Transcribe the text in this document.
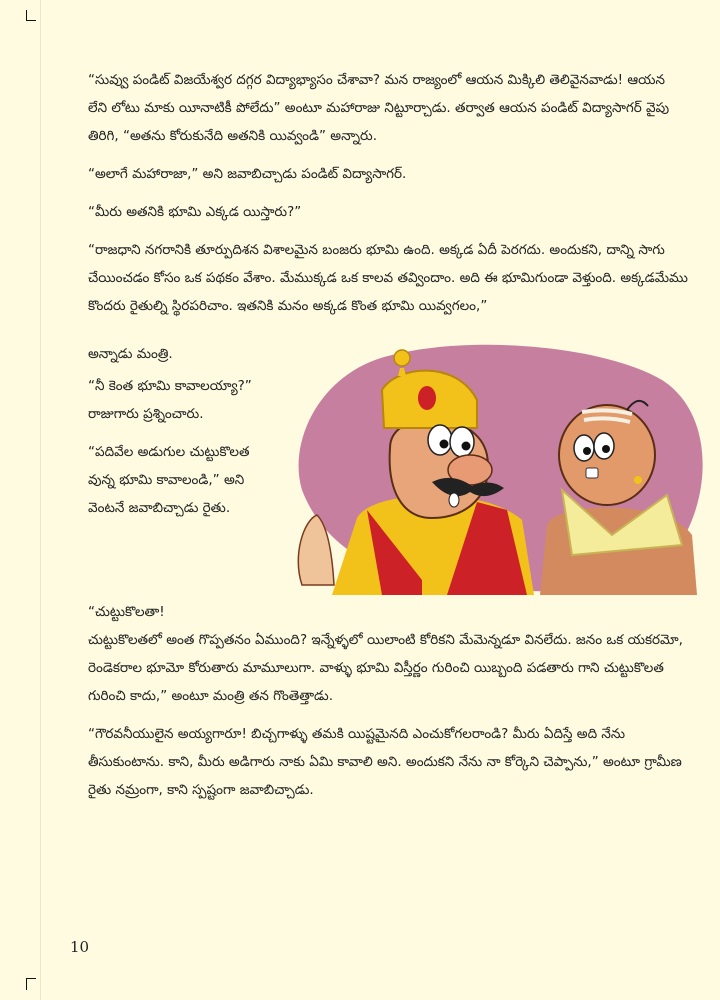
“సువ్వు పండిట్ విజయేశ్వర దగ్గర విద్యాభ్యాసం చేశావా? మన రాజ్యంలో ఆయన మిక్కిలి తెలివైనవాడు! ఆయన లేని లోటు మాకు యీనాటికీ పోలేదు” అంటూ మహారాజు నిట్టూర్చాడు. తర్వాత ఆయన పండిట్ విద్యాసాగర్ వైపు తిరిగి, “అతను కోరుకునేది అతనికి యివ్వండి” అన్నారు.

“అలాగే మహారాజా,” అని జవాబిచ్చాడు పండిట్ విద్యాసాగర్.

“మీరు అతనికి భూమి ఎక్కడ యిస్తారు?”

“రాజధాని నగరానికి తూర్పుదిశన విశాలమైన బంజరు భూమి ఉంది. అక్కడ ఏదీ పెరగదు. అందుకని, దాన్ని సాగు చేయించడం కోసం ఒక పథకం వేశాం. మేముక్కడ ఒక కాలవ తవ్విందాం. అది ఈ భూమిగుండా వెళ్తుంది. అక్కడమేము కొందరు రైతుల్ని స్థిరపరిచాం. ఇతనికి మనం అక్కడ కొంత భూమి యివ్వగలం,”

అన్నాడు మంత్రి.

“నీ కెంత భూమి కావాలయ్యా?” రాజుగారు ప్రశ్నించారు.

“పదివేల అడుగుల చుట్టుకొలత వున్న భూమి కావాలండి,” అని వెంటనే జవాబిచ్చాడు రైతు.

“చుట్టుకొలతా!

చుట్టుకొలతలో అంత గొప్పతనం ఏముంది? ఇన్నేళ్ళలో యిలాంటి కోరికని మేమెన్నడూ వినలేదు. జనం ఒక యకరమో, రెండెకరాల భూమో కోరుతారు మామూలుగా. వాళ్ళు భూమి విస్తీర్ణం గురించి యిబ్బంది పడతారు గాని చుట్టుకొలత గురించి కాదు,” అంటూ మంత్రి తన గొంతెత్తాడు.

“గౌరవనీయులైన అయ్యగారూ! బిచ్చగాళ్ళు తమకి యిష్టమైనది ఎంచుకోగలరాండి? మీరు ఏదిస్తే అది నేను తీసుకుంటాను. కాని, మీరు అడిగారు నాకు ఏమి కావాలి అని. అందుకని నేను నా కోర్కెని చెప్పాను,” అంటూ గ్రామీణ రైతు నమ్రంగా, కాని స్పష్టంగా జవాబిచ్చాడు.

10
